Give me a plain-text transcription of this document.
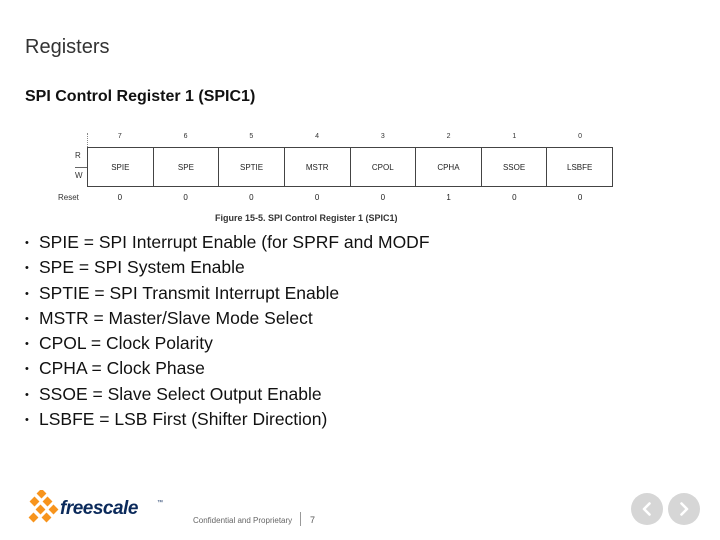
Registers
SPI Control Register 1 (SPIC1)
7	6	5	4	3	2	1	0
R
W
SPIE	SPE	SPTIE	MSTR	CPOL	CPHA	SSOE	LSBFE
Reset	0	0	0	0	0	1	0	0
Figure 15-5. SPI Control Register 1 (SPIC1)
• SPIE = SPI Interrupt Enable (for SPRF and MODF
• SPE = SPI System Enable
• SPTIE = SPI Transmit Interrupt Enable
• MSTR = Master/Slave Mode Select
• CPOL = Clock Polarity
• CPHA = Clock Phase
• SSOE = Slave Select Output Enable
• LSBFE = LSB First (Shifter Direction)
freescale	™
Confidential and Proprietary 7
